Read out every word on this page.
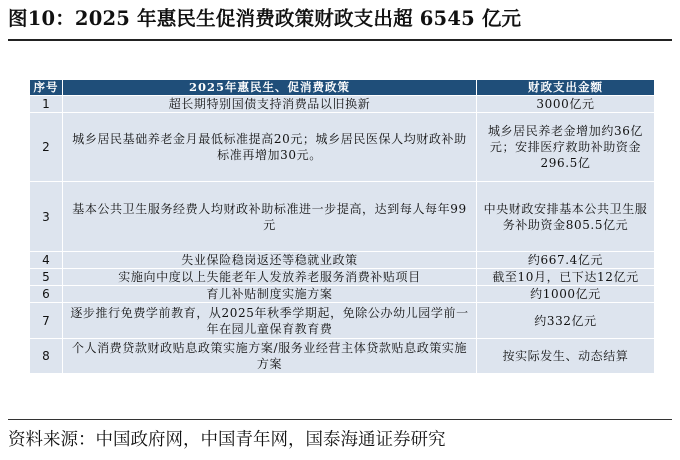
图10：2025 年惠民生促消费政策财政支出超 6545 亿元
序号	2025年惠民生、促消费政策	财政支出金额
1	超长期特别国债支持消费品以旧换新	3000亿元
2	城乡居民基础养老金月最低标准提高20元；城乡居民医保人均财政补助标准再增加30元。	城乡居民养老金增加约36亿元；安排医疗救助补助资金296.5亿
3	基本公共卫生服务经费人均财政补助标准进一步提高，达到每人每年99元	中央财政安排基本公共卫生服务补助资金805.5亿元
4	失业保险稳岗返还等稳就业政策	约667.4亿元
5	实施向中度以上失能老年人发放养老服务消费补贴项目	截至10月，已下达12亿元
6	育儿补贴制度实施方案	约1000亿元
7	逐步推行免费学前教育，从2025年秋季学期起，免除公办幼儿园学前一年在园儿童保育教育费	约332亿元
8	个人消费贷款财政贴息政策实施方案/服务业经营主体贷款贴息政策实施方案	按实际发生、动态结算
资料来源：中国政府网，中国青年网，国泰海通证券研究
